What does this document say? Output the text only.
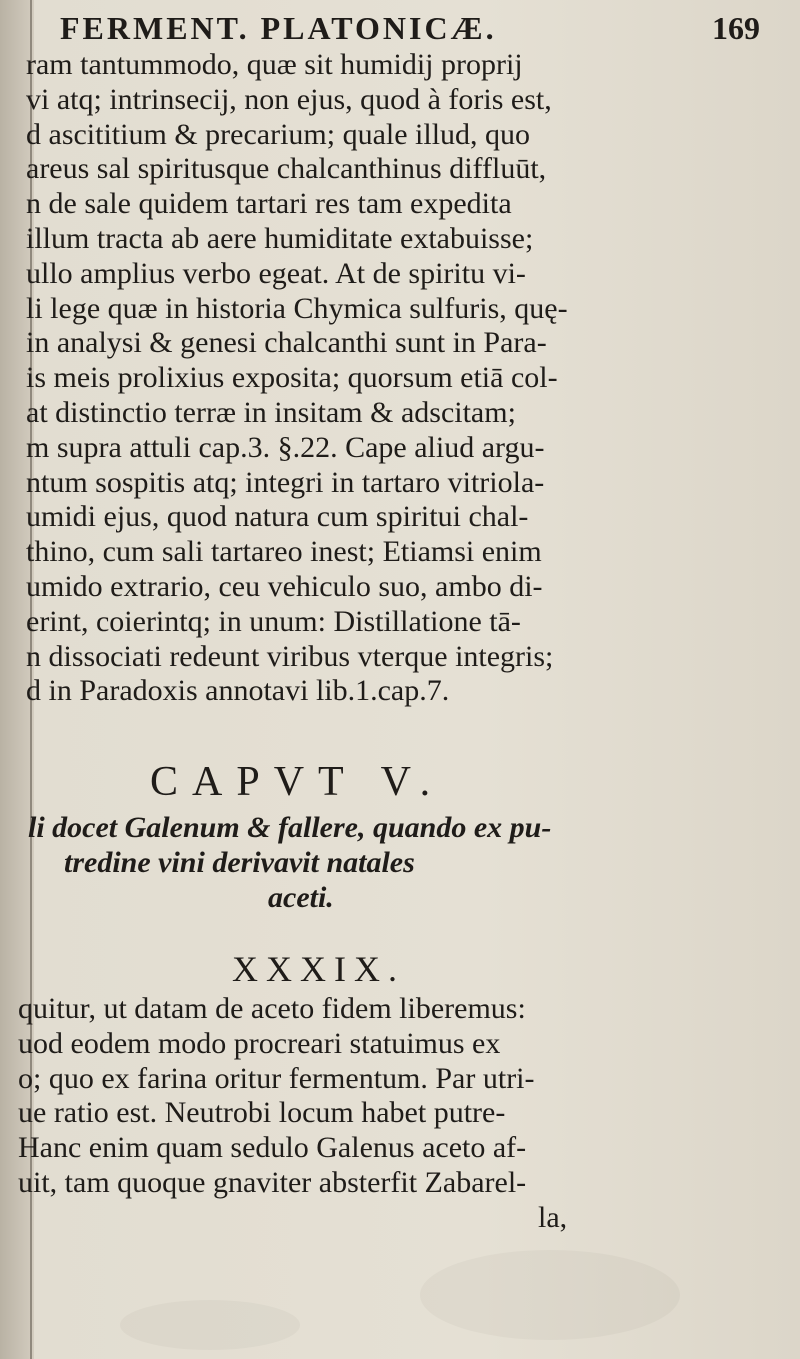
FERMENT. PLATONICÆ.	169
ram tantummodo, quæ sit humidij proprij
vi atq; intrinsecij, non ejus, quod à foris est,
d ascititium & precarium; quale illud, quo
areus sal spiritusque chalcanthinus diffluūt,
n de sale quidem tartari res tam expedita
illum tracta ab aere humiditate extabuisse;
ullo amplius verbo egeat. At de spiritu vi-
li lege quæ in historia Chymica sulfuris, quę-
in analysi & genesi chalcanthi sunt in Para-
is meis prolixius exposita; quorsum etiā col-
at distinctio terræ in insitam & adscitam;
m supra attuli cap.3. §.22. Cape aliud argu-
ntum sospitis atq; integri in tartaro vitriola-
umidi ejus, quod natura cum spiritui chal-
thino, cum sali tartareo inest; Etiamsi enim
umido extrario, ceu vehiculo suo, ambo di-
erint, coierintq; in unum: Distillatione tā-
n dissociati redeunt viribus vterque integris;
d in Paradoxis annotavi lib.1.cap.7.
CAPVT V.
li docet Galenum & fallere, quando ex pu-
tredine vini derivavit natales
aceti.
XXXIX.
quitur, ut datam de aceto fidem liberemus:
uod eodem modo procreari statuimus ex
o; quo ex farina oritur fermentum. Par utri-
ue ratio est. Neutrobi locum habet putre-
Hanc enim quam sedulo Galenus aceto af-
uit, tam quoque gnaviter absterfit Zabarel-
la,
